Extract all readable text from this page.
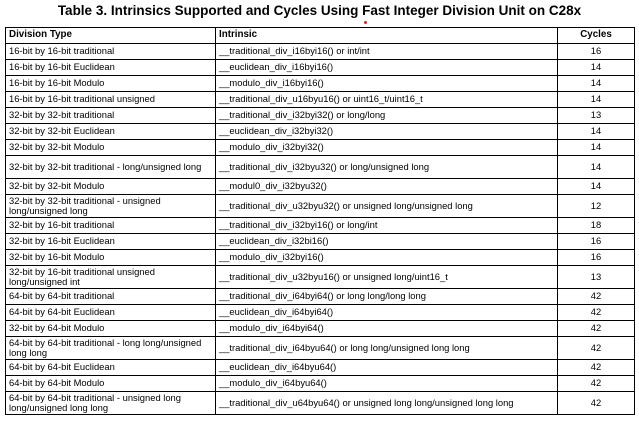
Table 3. Intrinsics Supported and Cycles Using Fast Integer Division Unit on C28x
Division Type	Intrinsic	Cycles
16-bit by 16-bit traditional	__traditional_div_i16byi16() or int/int	16
16-bit by 16-bit Euclidean	__euclidean_div_i16byi16()	14
16-bit by 16-bit Modulo	__modulo_div_i16byi16()	14
16-bit by 16-bit traditional unsigned	__traditional_div_u16byu16() or uint16_t/uint16_t	14
32-bit by 32-bit traditional	__traditional_div_i32byi32() or long/long	13
32-bit by 32-bit Euclidean	__euclidean_div_i32byi32()	14
32-bit by 32-bit Modulo	__modulo_div_i32byi32()	14
32-bit by 32-bit traditional - long/unsigned long	__traditional_div_i32byu32() or long/unsigned long	14
32-bit by 32-bit Modulo	__modul0_div_i32byu32()	14
32-bit by 32-bit traditional - unsigned long/unsigned long	__traditional_div_u32byu32() or unsigned long/unsigned long	12
32-bit by 16-bit traditional	__traditional_div_i32byi16() or long/int	18
32-bit by 16-bit Euclidean	__euclidean_div_i32bi16()	16
32-bit by 16-bit Modulo	__modulo_div_i32byi16()	16
32-bit by 16-bit traditional unsigned long/unsigned int	__traditional_div_u32byu16() or unsigned long/uint16_t	13
64-bit by 64-bit traditional	__traditional_div_i64byi64() or long long/long long	42
64-bit by 64-bit Euclidean	__euclidean_div_i64byi64()	42
32-bit by 64-bit Modulo	__modulo_div_i64byi64()	42
64-bit by 64-bit traditional - long long/unsigned long long	__traditional_div_i64byu64() or long long/unsigned long long	42
64-bit by 64-bit Euclidean	__euclidean_div_i64byu64()	42
64-bit by 64-bit Modulo	__modulo_div_i64byu64()	42
64-bit by 64-bit traditional - unsigned long long/unsigned long long	__traditional_div_u64byu64() or unsigned long long/unsigned long long	42
